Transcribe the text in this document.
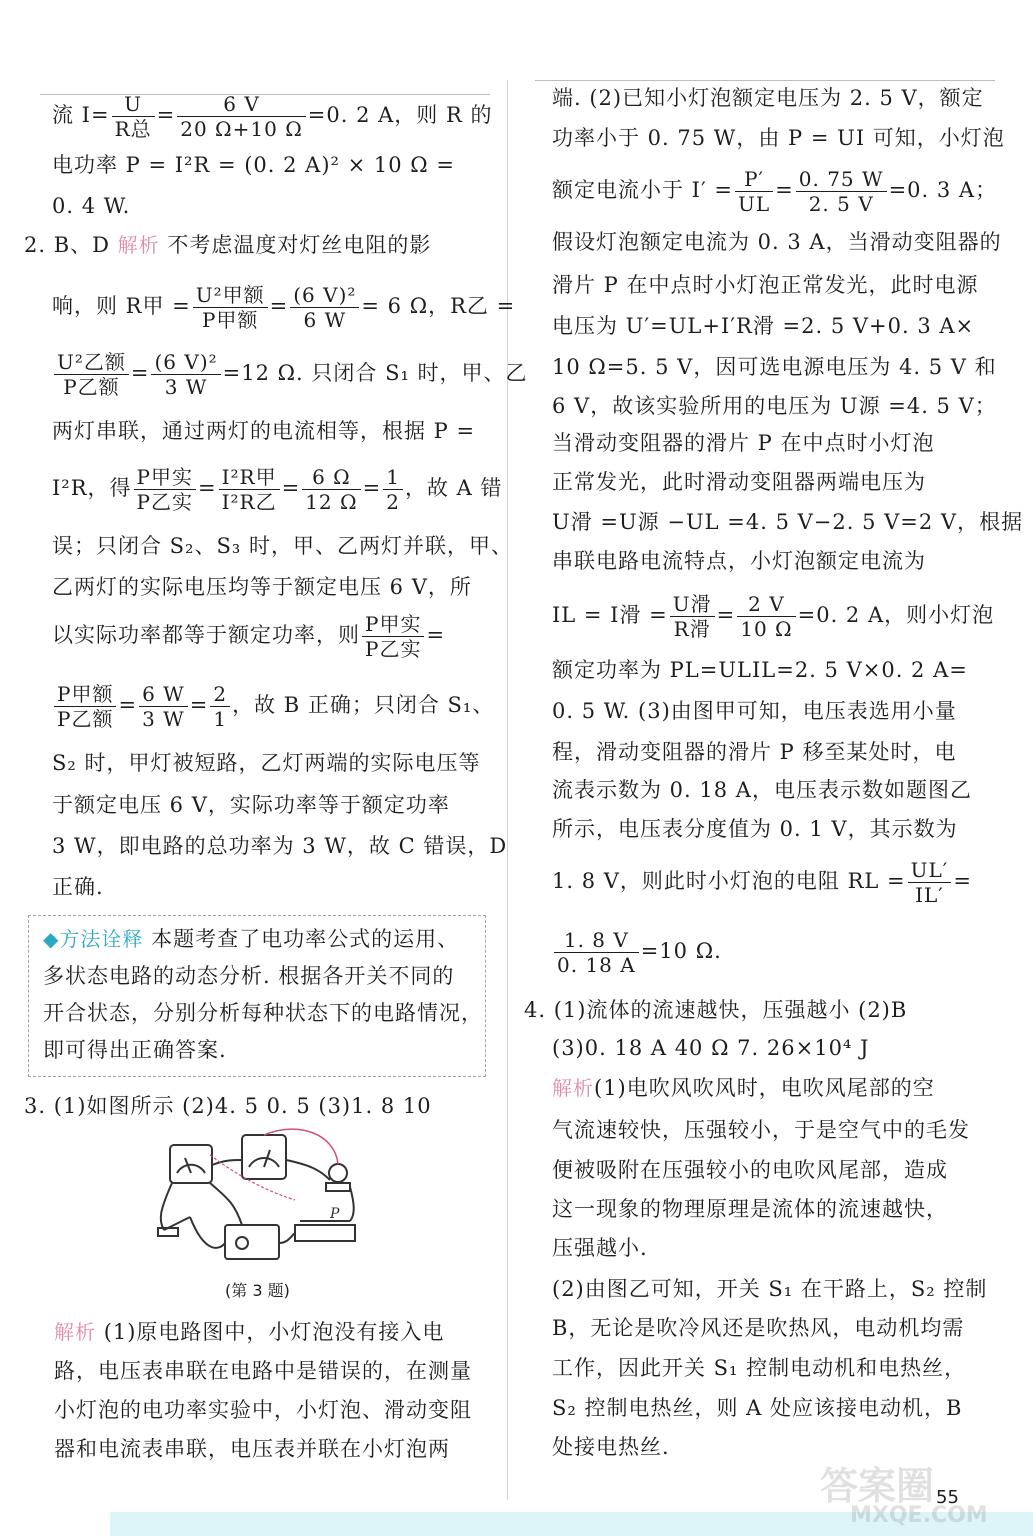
流 $I= \frac{U}{\text{R总}} = \frac{6 V}{20 \Omega+10 \Omega} =0$. 2 A，则 R 的
电功率 P = I²R = (0. 2 A)² × 10 Ω =
0. 4 W.
2. B、D 解析 不考虑温度对灯丝电阻的影
响，则 R甲 = $\frac{\text{U²甲额}}{\text{P甲额}} = \frac{\text{(6 V)²}}{6 W} = 6$ Ω，R乙 =
$\frac{\text{U²乙额}}{\text{P乙额}} = \frac{\text{(6 V)²}}{3 W} =12$ Ω. 只闭合 S₁ 时，甲、乙
两灯串联，通过两灯的电流相等，根据 P =
I²R，得 $\frac{\text{P甲实}}{\text{P乙实}} = \frac{\text{I²R甲}}{\text{I²R乙}} = \frac{6 \Omega}{12 \Omega} = \frac{1}{2}$ ，故 A 错
误；只闭合 S₂、S₃ 时，甲、乙两灯并联，甲、
乙两灯的实际电压均等于额定电压 6 V，所
以实际功率都等于额定功率，则 $\frac{\text{P甲实}}{\text{P乙实}}$ =
$\frac{\text{P甲额}}{\text{P乙额}} = \frac{6 W}{3 W} = \frac{2}{1}$ ，故 B 正确；只闭合 S₁、
S₂ 时，甲灯被短路，乙灯两端的实际电压等
于额定电压 6 V，实际功率等于额定功率
3 W，即电路的总功率为 3 W，故 C 错误，D
正确.
◆方法诠释 本题考查了电功率公式的运用、
多状态电路的动态分析. 根据各开关不同的
开合状态，分别分析每种状态下的电路情况，
即可得出正确答案.
3. (1)如图所示 (2)4. 5 0. 5 (3)1. 8 10
P
(第 3 题)
解析 (1)原电路图中，小灯泡没有接入电
路，电压表串联在电路中是错误的，在测量
小灯泡的电功率实验中，小灯泡、滑动变阻
器和电流表串联，电压表并联在小灯泡两
端. (2)已知小灯泡额定电压为 2. 5 V，额定
功率小于 0. 75 W，由 P = UI 可知，小灯泡
额定电流小于 $I' = \frac{P'}{UL} = \frac{0. 75 W}{2. 5 V} =0$. 3 A；
假设灯泡额定电流为 0. 3 A，当滑动变阻器的
滑片 P 在中点时小灯泡正常发光，此时电源
电压为 U′=UL+I′R滑 =2. 5 V+0. 3 A×
10 Ω=5. 5 V，因可选电源电压为 4. 5 V 和
6 V，故该实验所用的电压为 U源 =4. 5 V；
当滑动变阻器的滑片 P 在中点时小灯泡
正常发光，此时滑动变阻器两端电压为
U滑 =U源 −UL =4. 5 V−2. 5 V=2 V，根据
串联电路电流特点，小灯泡额定电流为
IL = I滑 = $\frac{\text{U滑}}{\text{R滑}} = \frac{2 V}{10 \Omega} =0$. 2 A，则小灯泡
额定功率为 PL=ULIL=2. 5 V×0. 2 A=
0. 5 W. (3)由图甲可知，电压表选用小量
程，滑动变阻器的滑片 P 移至某处时，电
流表示数为 0. 18 A，电压表示数如题图乙
所示，电压表分度值为 0. 1 V，其示数为
1. 8 V，则此时小灯泡的电阻 RL = $\frac{UL'}{IL'}$ =
$\frac{1. 8 V}{0. 18 A} =10$ Ω.
4. (1)流体的流速越快，压强越小 (2)B
(3)0. 18 A 40 Ω 7. 26×10⁴ J
解析(1)电吹风吹风时，电吹风尾部的空
气流速较快，压强较小，于是空气中的毛发
便被吸附在压强较小的电吹风尾部，造成
这一现象的物理原理是流体的流速越快，
压强越小.
(2)由图乙可知，开关 S₁ 在干路上，S₂ 控制
B，无论是吹冷风还是吹热风，电动机均需
工作，因此开关 S₁ 控制电动机和电热丝，
S₂ 控制电热丝，则 A 处应该接电动机，B
处接电热丝.
55
答案圈
MXQE.COM
